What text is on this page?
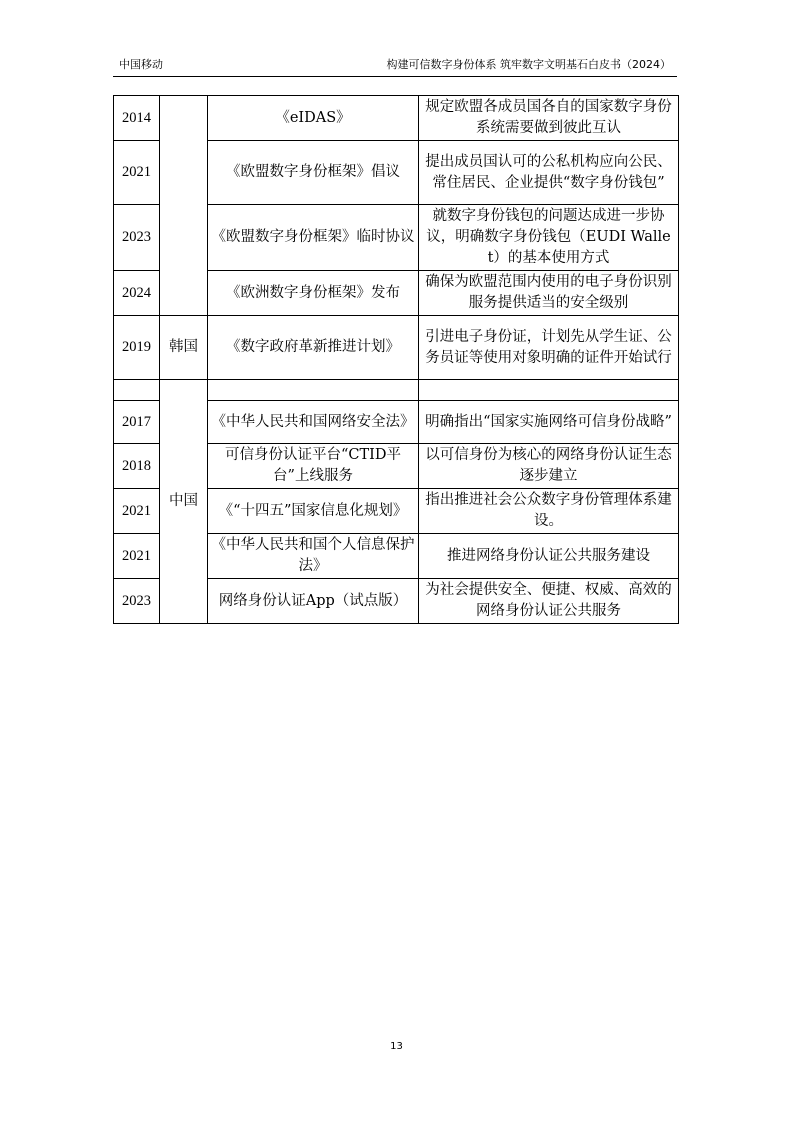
中国移动	构建可信数字身份体系 筑牢数字文明基石白皮书（2024）
2014		《eIDAS》	规定欧盟各成员国各自的国家数字身份系统需要做到彼此互认
2021		《欧盟数字身份框架》倡议	提出成员国认可的公私机构应向公民、常住居民、企业提供“数字身份钱包”
2023		《欧盟数字身份框架》临时协议	就数字身份钱包的问题达成进一步协议，明确数字身份钱包（EUDI Wallet）的基本使用方式
2024		《欧洲数字身份框架》发布	确保为欧盟范围内使用的电子身份识别服务提供适当的安全级别
2019	韩国	《数字政府革新推进计划》	引进电子身份证，计划先从学生证、公务员证等使用对象明确的证件开始试行
	中国		
2017		《中华人民共和国网络安全法》	明确指出“国家实施网络可信身份战略”
2018		可信身份认证平台“CTID平台”上线服务	以可信身份为核心的网络身份认证生态逐步建立
2021		《“十四五”国家信息化规划》	指出推进社会公众数字身份管理体系建设。
2021		《中华人民共和国个人信息保护法》	推进网络身份认证公共服务建设
2023		网络身份认证App（试点版）	为社会提供安全、便捷、权威、高效的网络身份认证公共服务
13
